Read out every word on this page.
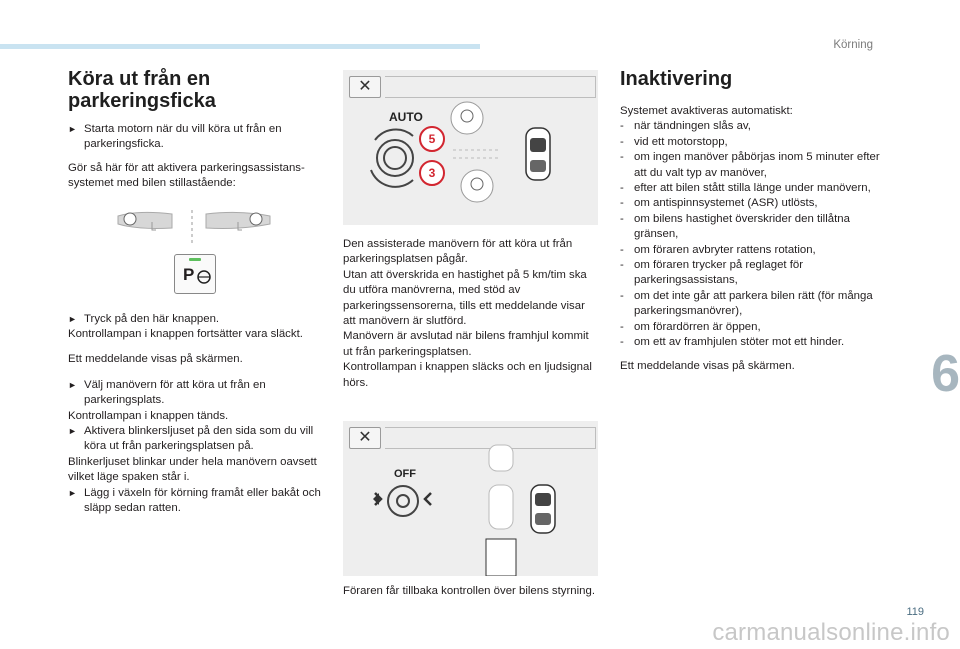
Körning
6
119
carmanualsonline.info
Köra ut från en
parkeringsficka
► Starta motorn när du vill köra ut från en parkeringsficka.

Gör så här för att aktivera parkeringsassistans-systemet med bilen stillastående:

P
► Tryck på den här knappen.

Kontrollampan i knappen fortsätter vara släckt.

Ett meddelande visas på skärmen.

► Välj manövern för att köra ut från en parkeringsplats.

Kontrollampan i knappen tänds.

► Aktivera blinkersljuset på den sida som du vill köra ut från parkeringsplatsen på.

Blinkerljuset blinkar under hela manövern oavsett vilket läge spaken står i.

► Lägg i växeln för körning framåt eller bakåt och släpp sedan ratten.
✕
AUTO
5
3

Den assisterade manövern för att köra ut från parkeringsplatsen pågår.

Utan att överskrida en hastighet på 5 km/tim ska du utföra manövrerna, med stöd av parkeringssensorerna, tills ett meddelande visar att manövern är slutförd.

Manövern är avslutad när bilens framhjul kommit ut från parkeringsplatsen.

Kontrollampan i knappen släcks och en ljudsignal hörs.

✕
OFF

Föraren får tillbaka kontrollen över bilens styrning.

Inaktivering

Systemet avaktiveras automatiskt:

- när tändningen slås av,
- vid ett motorstopp,
- om ingen manöver påbörjas inom 5 minuter efter att du valt typ av manöver,
- efter att bilen stått stilla länge under manövern,
- om antispinnsystemet (ASR) utlösts,
- om bilens hastighet överskrider den tillåtna gränsen,
- om föraren avbryter rattens rotation,
- om föraren trycker på reglaget för parkeringsassistans,
- om det inte går att parkera bilen rätt (för många parkeringsmanövrer),
- om förardörren är öppen,
- om ett av framhjulen stöter mot ett hinder.

Ett meddelande visas på skärmen.
